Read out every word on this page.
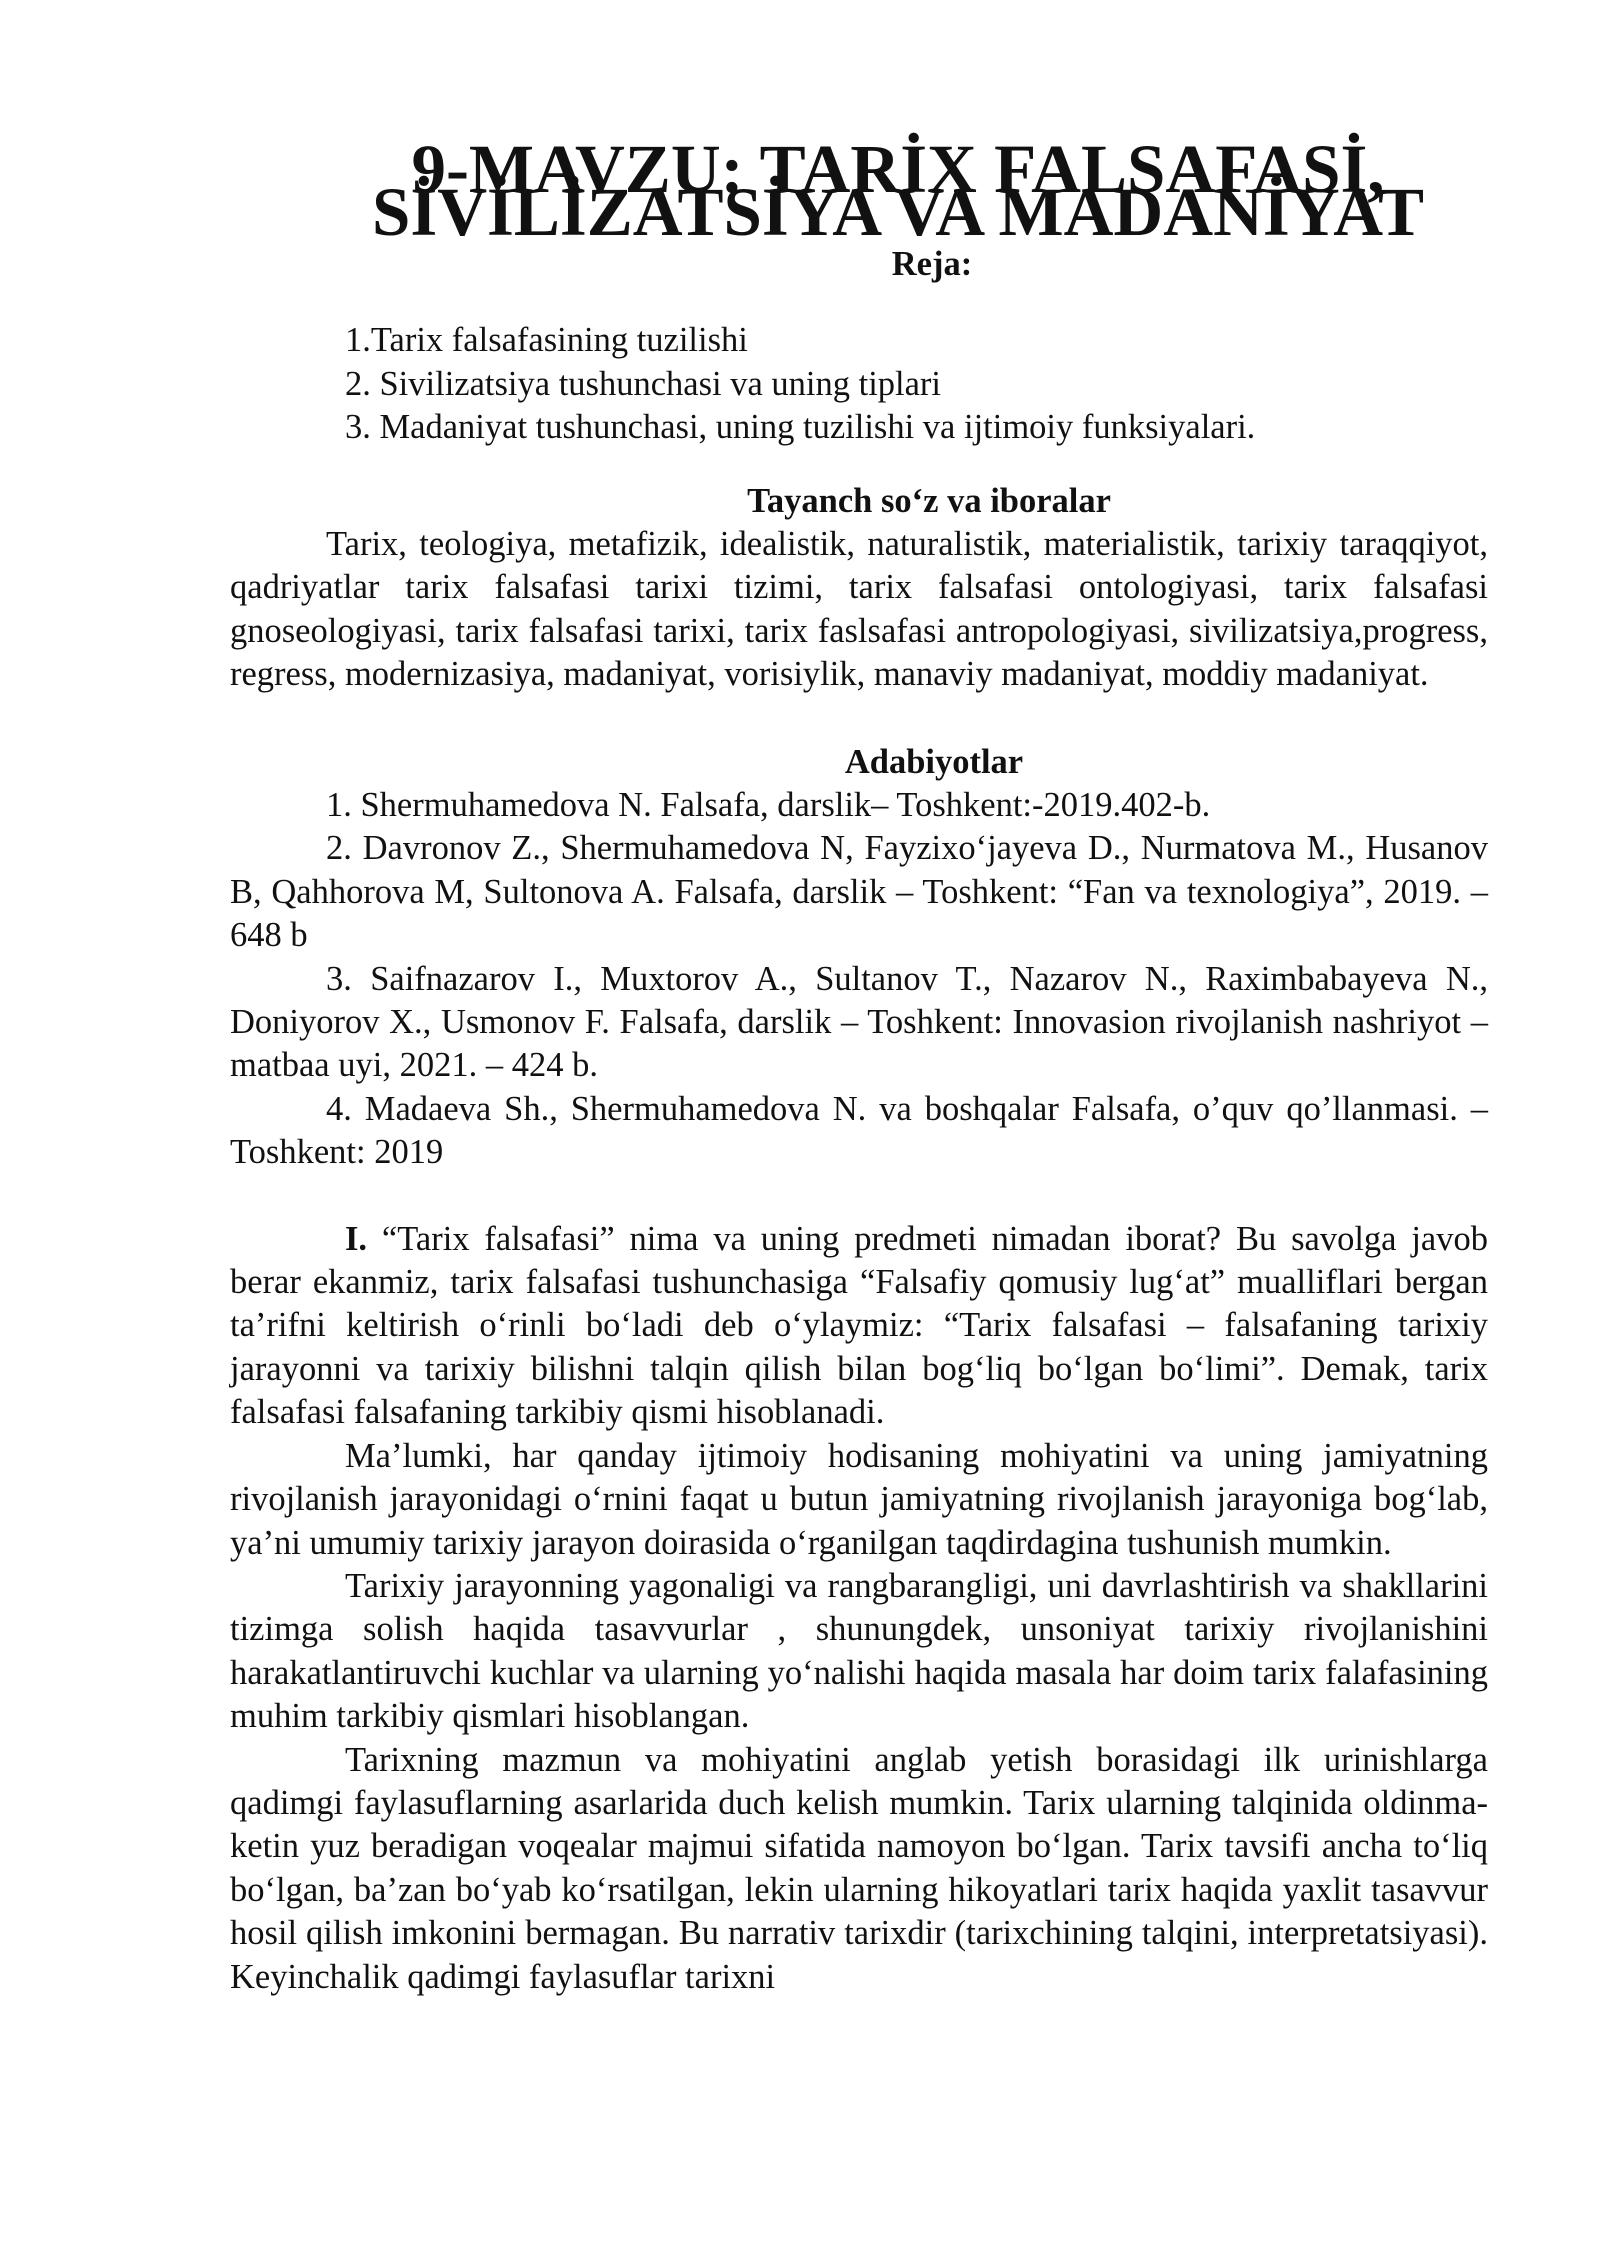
9-MAVZU: TARİX FALSAFASİ, SİVİLİZATSİYA VA MADANİYAT
Reja:
1.Tarix falsafasining tuzilishi
2. Sivilizatsiya tushunchasi va uning tiplari
3. Madaniyat tushunchasi, uning tuzilishi va ijtimoiy funksiyalari.
Tayanch so‘z va iboralar

Tarix, teologiya, metafizik, idealistik, naturalistik, materialistik, tarixiy taraqqiyot, qadriyatlar tarix falsafasi tarixi tizimi, tarix falsafasi ontologiyasi, tarix falsafasi gnoseologiyasi, tarix falsafasi tarixi, tarix faslsafasi antropologiyasi, sivilizatsiya,progress, regress, modernizasiya, madaniyat, vorisiylik, manaviy madaniyat, moddiy madaniyat.

Adabiyotlar

1. Shermuhamedova N. Falsafa, darslik– Toshkent:-2019.402-b.

2. Davronov Z., Shermuhamedova N, Fayzixo‘jayeva D., Nurmatova M., Husanov B, Qahhorova M, Sultonova A. Falsafa, darslik – Toshkent: “Fan va texnologiya”, 2019. – 648 b

3. Saifnazarov I., Muxtorov A., Sultanov T., Nazarov N., Raximbabayeva N., Doniyorov X., Usmonov F. Falsafa, darslik – Toshkent: Innovasion rivojlanish nashriyot –matbaa uyi, 2021. – 424 b.

4. Madaeva Sh., Shermuhamedova N. va boshqalar Falsafa, o’quv qo’llanmasi. –Toshkent: 2019

I. “Tarix falsafasi” nima va uning predmeti nimadan iborat? Bu savolga javob berar ekanmiz, tarix falsafasi tushunchasiga “Falsafiy qomusiy lug‘at” mualliflari bergan ta’rifni keltirish o‘rinli bo‘ladi deb o‘ylaymiz: “Tarix falsafasi – falsafaning tarixiy jarayonni va tarixiy bilishni talqin qilish bilan bog‘liq bo‘lgan bo‘limi”. Demak, tarix falsafasi falsafaning tarkibiy qismi hisoblanadi.

Ma’lumki, har qanday ijtimoiy hodisaning mohiyatini va uning jamiyatning rivojlanish jarayonidagi o‘rnini faqat u butun jamiyatning rivojlanish jarayoniga bog‘lab, ya’ni umumiy tarixiy jarayon doirasida o‘rganilgan taqdirdagina tushunish mumkin.

Tarixiy jarayonning yagonaligi va rangbarangligi, uni davrlashtirish va shakllarini tizimga solish haqida tasavvurlar , shunungdek, unsoniyat tarixiy rivojlanishini harakatlantiruvchi kuchlar va ularning yo‘nalishi haqida masala har doim tarix falafasining muhim tarkibiy qismlari hisoblangan.

Tarixning mazmun va mohiyatini anglab yetish borasidagi ilk urinishlarga qadimgi faylasuflarning asarlarida duch kelish mumkin. Tarix ularning talqinida oldinma-ketin yuz beradigan voqealar majmui sifatida namoyon bo‘lgan. Tarix tavsifi ancha to‘liq bo‘lgan, ba’zan bo‘yab ko‘rsatilgan, lekin ularning hikoyatlari tarix haqida yaxlit tasavvur hosil qilish imkonini bermagan. Bu narrativ tarixdir (tarixchining talqini, interpretatsiyasi). Keyinchalik qadimgi faylasuflar tarixni
